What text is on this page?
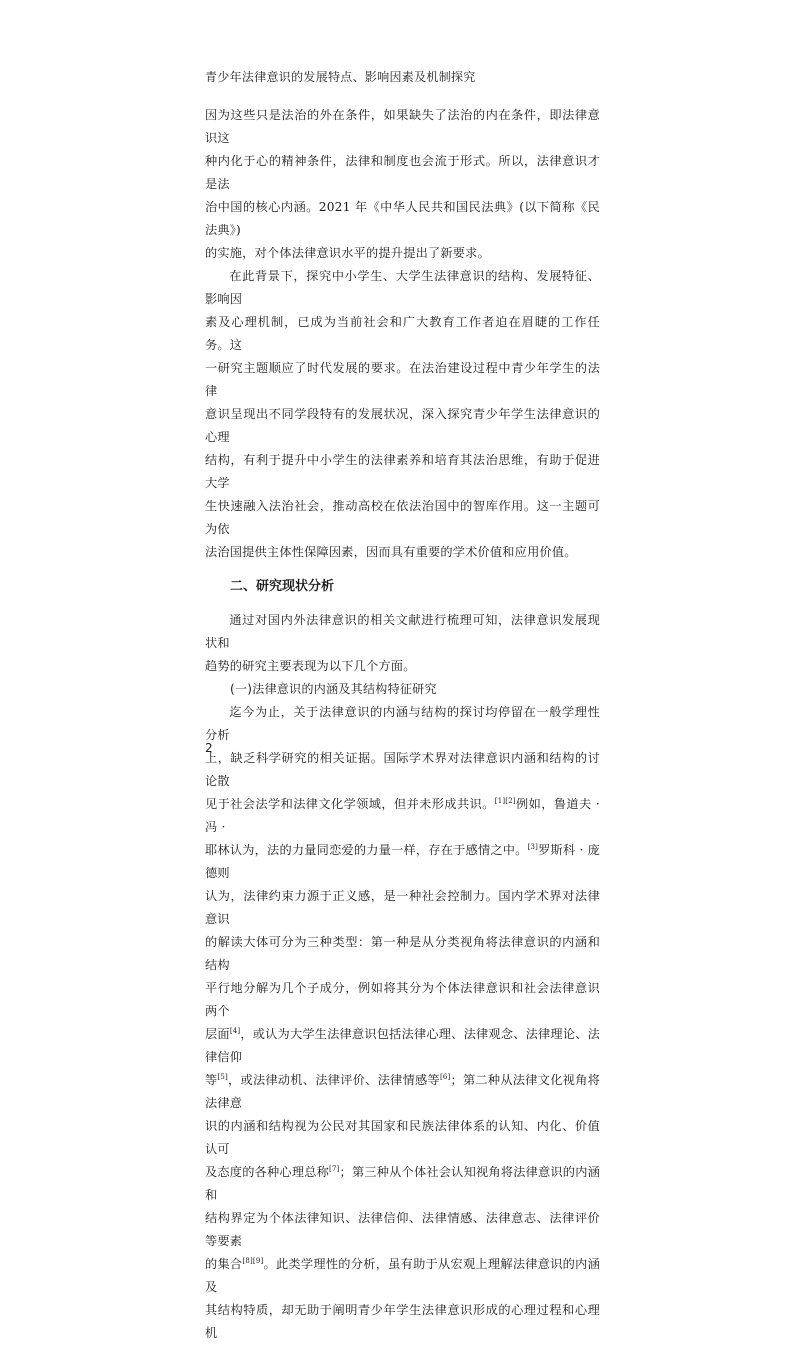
青少年法律意识的发展特点、影响因素及机制探究

因为这些只是法治的外在条件，如果缺失了法治的内在条件，即法律意识这
种内化于心的精神条件，法律和制度也会流于形式。所以，法律意识才是法
治中国的核心内涵。2021 年《中华人民共和国民法典》(以下简称《民法典》)
的实施，对个体法律意识水平的提升提出了新要求。

在此背景下，探究中小学生、大学生法律意识的结构、发展特征、影响因
素及心理机制，已成为当前社会和广大教育工作者迫在眉睫的工作任务。这
一研究主题顺应了时代发展的要求。在法治建设过程中青少年学生的法律
意识呈现出不同学段特有的发展状况，深入探究青少年学生法律意识的心理
结构，有利于提升中小学生的法律素养和培育其法治思维，有助于促进大学
生快速融入法治社会，推动高校在依法治国中的智库作用。这一主题可为依
法治国提供主体性保障因素，因而具有重要的学术价值和应用价值。

二、研究现状分析

通过对国内外法律意识的相关文献进行梳理可知，法律意识发展现状和
趋势的研究主要表现为以下几个方面。

(一)法律意识的内涵及其结构特征研究

迄今为止，关于法律意识的内涵与结构的探讨均停留在一般学理性分析
上，缺乏科学研究的相关证据。国际学术界对法律意识内涵和结构的讨论散
见于社会法学和法律文化学领域，但并未形成共识。[1][2]例如，鲁道夫 · 冯 ·
耶林认为，法的力量同恋爱的力量一样，存在于感情之中。[3]罗斯科 · 庞德则
认为，法律约束力源于正义感，是一种社会控制力。国内学术界对法律意识
的解读大体可分为三种类型：第一种是从分类视角将法律意识的内涵和结构
平行地分解为几个子成分，例如将其分为个体法律意识和社会法律意识两个
层面[4]，或认为大学生法律意识包括法律心理、法律观念、法律理论、法律信仰
等[5]，或法律动机、法律评价、法律情感等[6]；第二种从法律文化视角将法律意
识的内涵和结构视为公民对其国家和民族法律体系的认知、内化、价值认可
及态度的各种心理总称[7]；第三种从个体社会认知视角将法律意识的内涵和
结构界定为个体法律知识、法律信仰、法律情感、法律意志、法律评价等要素
的集合[8][9]。此类学理性的分析，虽有助于从宏观上理解法律意识的内涵及
其结构特质，却无助于阐明青少年学生法律意识形成的心理过程和心理机

2
